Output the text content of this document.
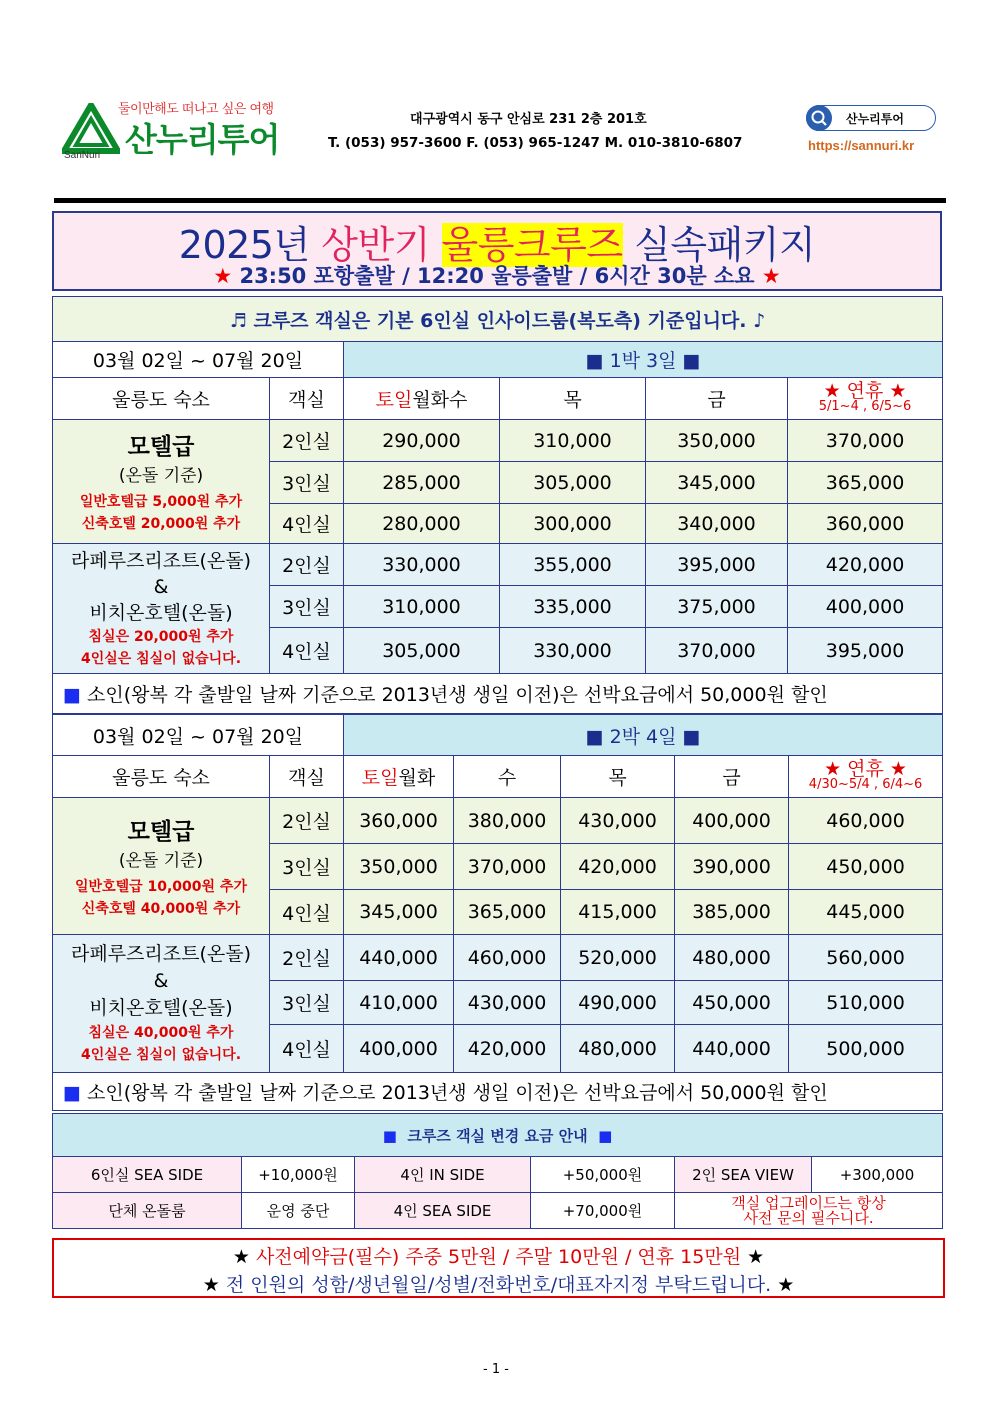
둘이만해도 떠나고 싶은 여행
산누리투어
SanNuri
대구광역시 동구 안심로 231 2층 201호
T. (053) 957-3600 F. (053) 965-1247 M. 010-3810-6807
산누리투어
https://sannuri.kr
2025년 상반기 울릉크루즈 실속패키지
★ 23:50 포항출발 / 12:20 울릉출발 / 6시간 30분 소요 ★
♬ 크루즈 객실은 기본 6인실 인사이드룸(복도측) 기준입니다. ♪					
03월 02일 ~ 07월 20일		■ 1박 3일 ■			
울릉도 숙소	객실	토일월화수	목	금	★ 연휴 ★
5/1~4 , 6/5~6

모텔급
(온돌 기준)
일반호텔급 5,000원 추가
신축호텔 20,000원 추가	2인실	290,000	310,000	350,000	370,000
	3인실	285,000	305,000	345,000	365,000
	4인실	280,000	300,000	340,000	360,000

라페루즈리조트(온돌)
&
비치온호텔(온돌)
침실은 20,000원 추가
4인실은 침실이 없습니다.	2인실	330,000	355,000	395,000	420,000
	3인실	310,000	335,000	375,000	400,000
	4인실	305,000	330,000	370,000	395,000
■ 소인(왕복 각 출발일 날짜 기준으로 2013년생 생일 이전)은 선박요금에서 50,000원 할인					
03월 02일 ~ 07월 20일		■ 2박 4일 ■				
울릉도 숙소	객실	토일월화	수	목	금	★ 연휴 ★
4/30~5/4 , 6/4~6

모텔급
(온돌 기준)
일반호텔급 10,000원 추가
신축호텔 40,000원 추가	2인실	360,000	380,000	430,000	400,000	460,000
	3인실	350,000	370,000	420,000	390,000	450,000
	4인실	345,000	365,000	415,000	385,000	445,000

라페루즈리조트(온돌)
&
비치온호텔(온돌)
침실은 40,000원 추가
4인실은 침실이 없습니다.	2인실	440,000	460,000	520,000	480,000	560,000
	3인실	410,000	430,000	490,000	450,000	510,000
	4인실	400,000	420,000	480,000	440,000	500,000
■ 소인(왕복 각 출발일 날짜 기준으로 2013년생 생일 이전)은 선박요금에서 50,000원 할인						
■ 크루즈 객실 변경 요금 안내 ■					
6인실 SEA SIDE	+10,000원	4인 IN SIDE	+50,000원	2인 SEA VIEW	+300,000
단체 온돌룸	운영 중단	4인 SEA SIDE	+70,000원	객실 업그레이드는 항상
사전 문의 필수니다.	
★ 사전예약금(필수) 주중 5만원 / 주말 10만원 / 연휴 15만원 ★
★ 전 인원의 성함/생년월일/성별/전화번호/대표자지정 부탁드립니다. ★
- 1 -
